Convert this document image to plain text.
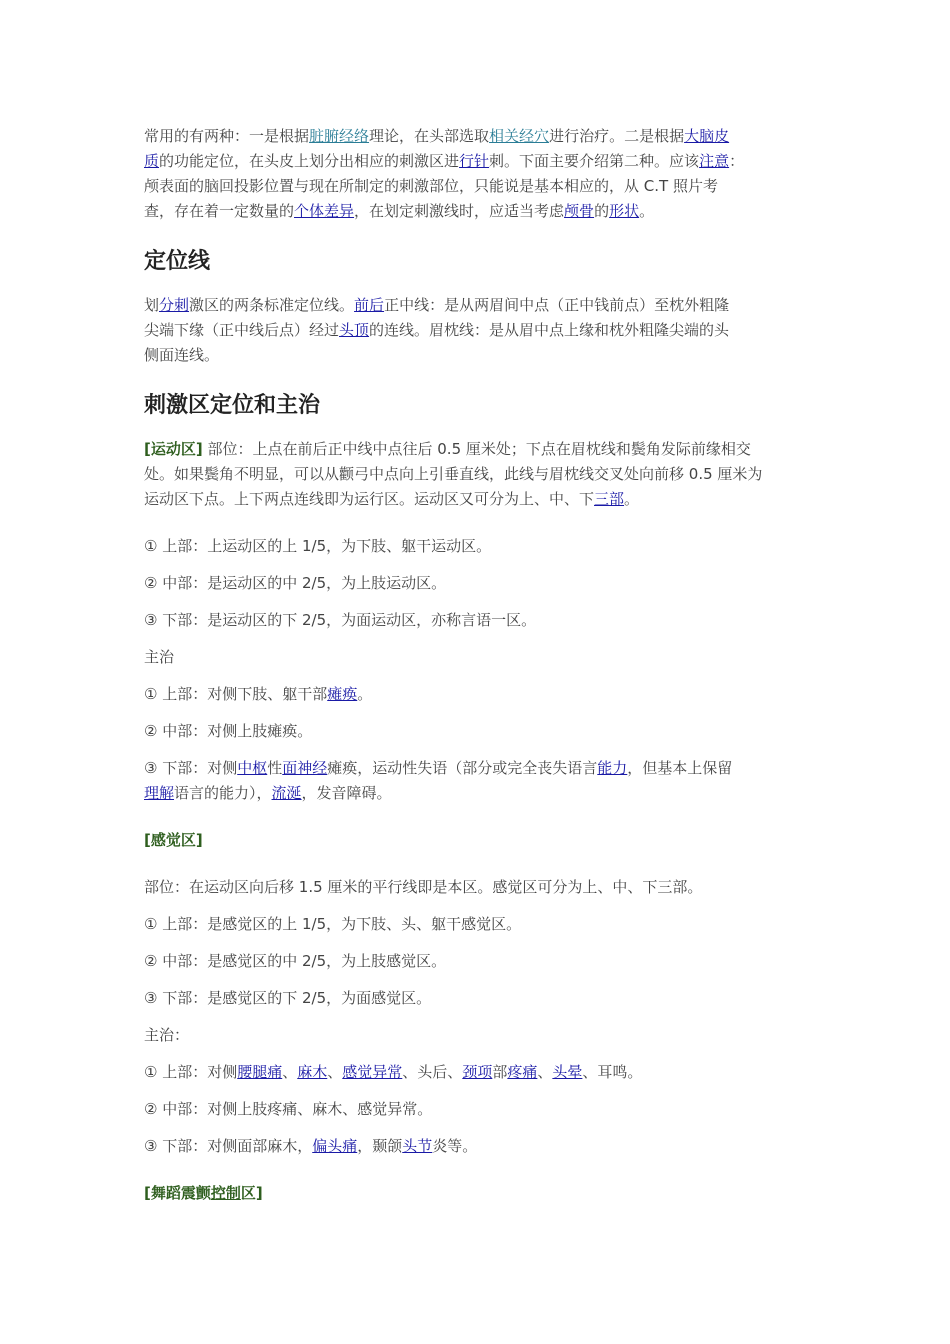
常用的有两种：一是根据脏腑经络理论，在头部选取相关经穴进行治疗。二是根据大脑皮

质的功能定位，在头皮上划分出相应的刺激区进行针刺。下面主要介绍第二种。应该注意：

颅表面的脑回投影位置与现在所制定的刺激部位，只能说是基本相应的，从 C.T 照片考

查，存在着一定数量的个体差异，在划定刺激线时，应适当考虑颅骨的形状。

定位线

划分刺激区的两条标准定位线。前后正中线：是从两眉间中点（正中钱前点）至枕外粗隆

尖端下缘（正中线后点）经过头顶的连线。眉枕线：是从眉中点上缘和枕外粗隆尖端的头

侧面连线。

刺激区定位和主治

[运动区] 部位：上点在前后正中线中点往后 0.5 厘米处；下点在眉枕线和鬓角发际前缘相交

处。如果鬓角不明显，可以从颧弓中点向上引垂直线，此线与眉枕线交叉处向前移 0.5 厘米为

运动区下点。上下两点连线即为运行区。运动区又可分为上、中、下三部。

① 上部：上运动区的上 1/5，为下肢、躯干运动区。

② 中部：是运动区的中 2/5，为上肢运动区。

③ 下部：是运动区的下 2/5，为面运动区，亦称言语一区。

主治

① 上部：对侧下肢、躯干部瘫痪。

② 中部：对侧上肢瘫痪。

③ 下部：对侧中枢性面神经瘫痪，运动性失语（部分或完全丧失语言能力，但基本上保留

理解语言的能力），流涎，发音障碍。

[感觉区]

部位：在运动区向后移 1.5 厘米的平行线即是本区。感觉区可分为上、中、下三部。

① 上部：是感觉区的上 1/5，为下肢、头、躯干感觉区。

② 中部：是感觉区的中 2/5，为上肢感觉区。

③ 下部：是感觉区的下 2/5，为面感觉区。

主治：

① 上部：对侧腰腿痛、麻木、感觉异常、头后、颈项部疼痛、头晕、耳鸣。

② 中部：对侧上肢疼痛、麻木、感觉异常。

③ 下部：对侧面部麻木，偏头痛，颞颌头节炎等。

[舞蹈震颤控制区]
